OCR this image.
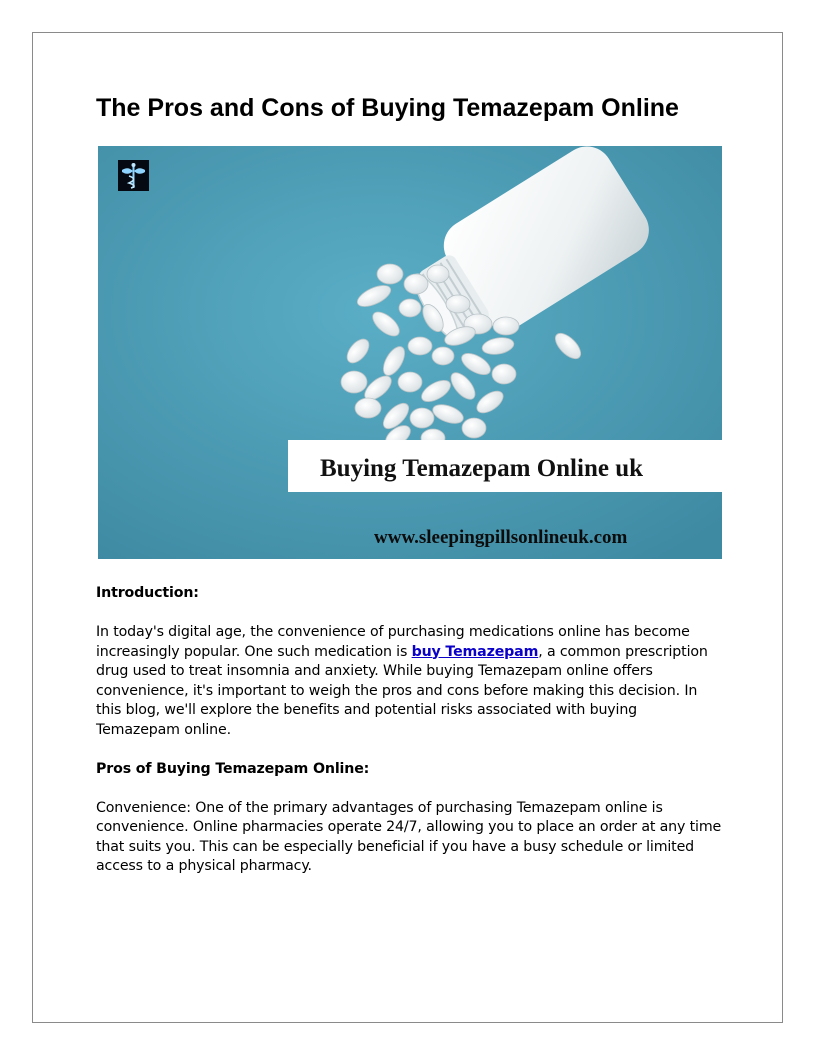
The Pros and Cons of Buying Temazepam Online
Buying Temazepam Online uk
www.sleepingpillsonlineuk.com

Introduction:

In today's digital age, the convenience of purchasing medications online has become increasingly popular. One such medication is buy Temazepam, a common prescription drug used to treat insomnia and anxiety. While buying Temazepam online offers convenience, it's important to weigh the pros and cons before making this decision. In this blog, we'll explore the benefits and potential risks associated with buying Temazepam online.

Pros of Buying Temazepam Online:

Convenience: One of the primary advantages of purchasing Temazepam online is convenience. Online pharmacies operate 24/7, allowing you to place an order at any time that suits you. This can be especially beneficial if you have a busy schedule or limited access to a physical pharmacy.
